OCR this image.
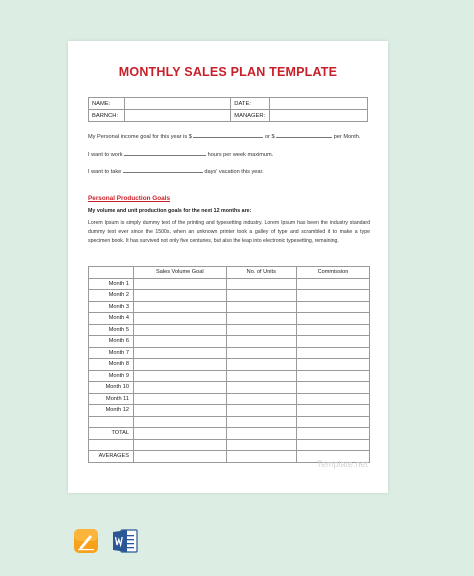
MONTHLY SALES PLAN TEMPLATE
NAME:		DATE:	
BARNCH:		MANAGER:	
My Personal income goal for this year is $	or $	per Month.
I want to work	hours per week maximum.
I want to take	days' vacation this year.
Personal Production Goals
My volume and unit production goals for the next 12 months are:
Lorem Ipsum is simply dummy text of the printing and typesetting industry. Lorem Ipsum has been the industry standard dummy text ever since the 1500s, when an unknown printer took a galley of type and scrambled it to make a type specimen book. It has survived not only five centuries, but also the leap into electronic typesetting, remaining.
	Sales Volume Goal	No. of Units	Commission
Month 1			
Month 2			
Month 3			
Month 4			
Month 5			
Month 6			
Month 7			
Month 8			
Month 9			
Month 10			
Month 11			
Month 12			

TOTAL			

AVERAGES			
Template.net
